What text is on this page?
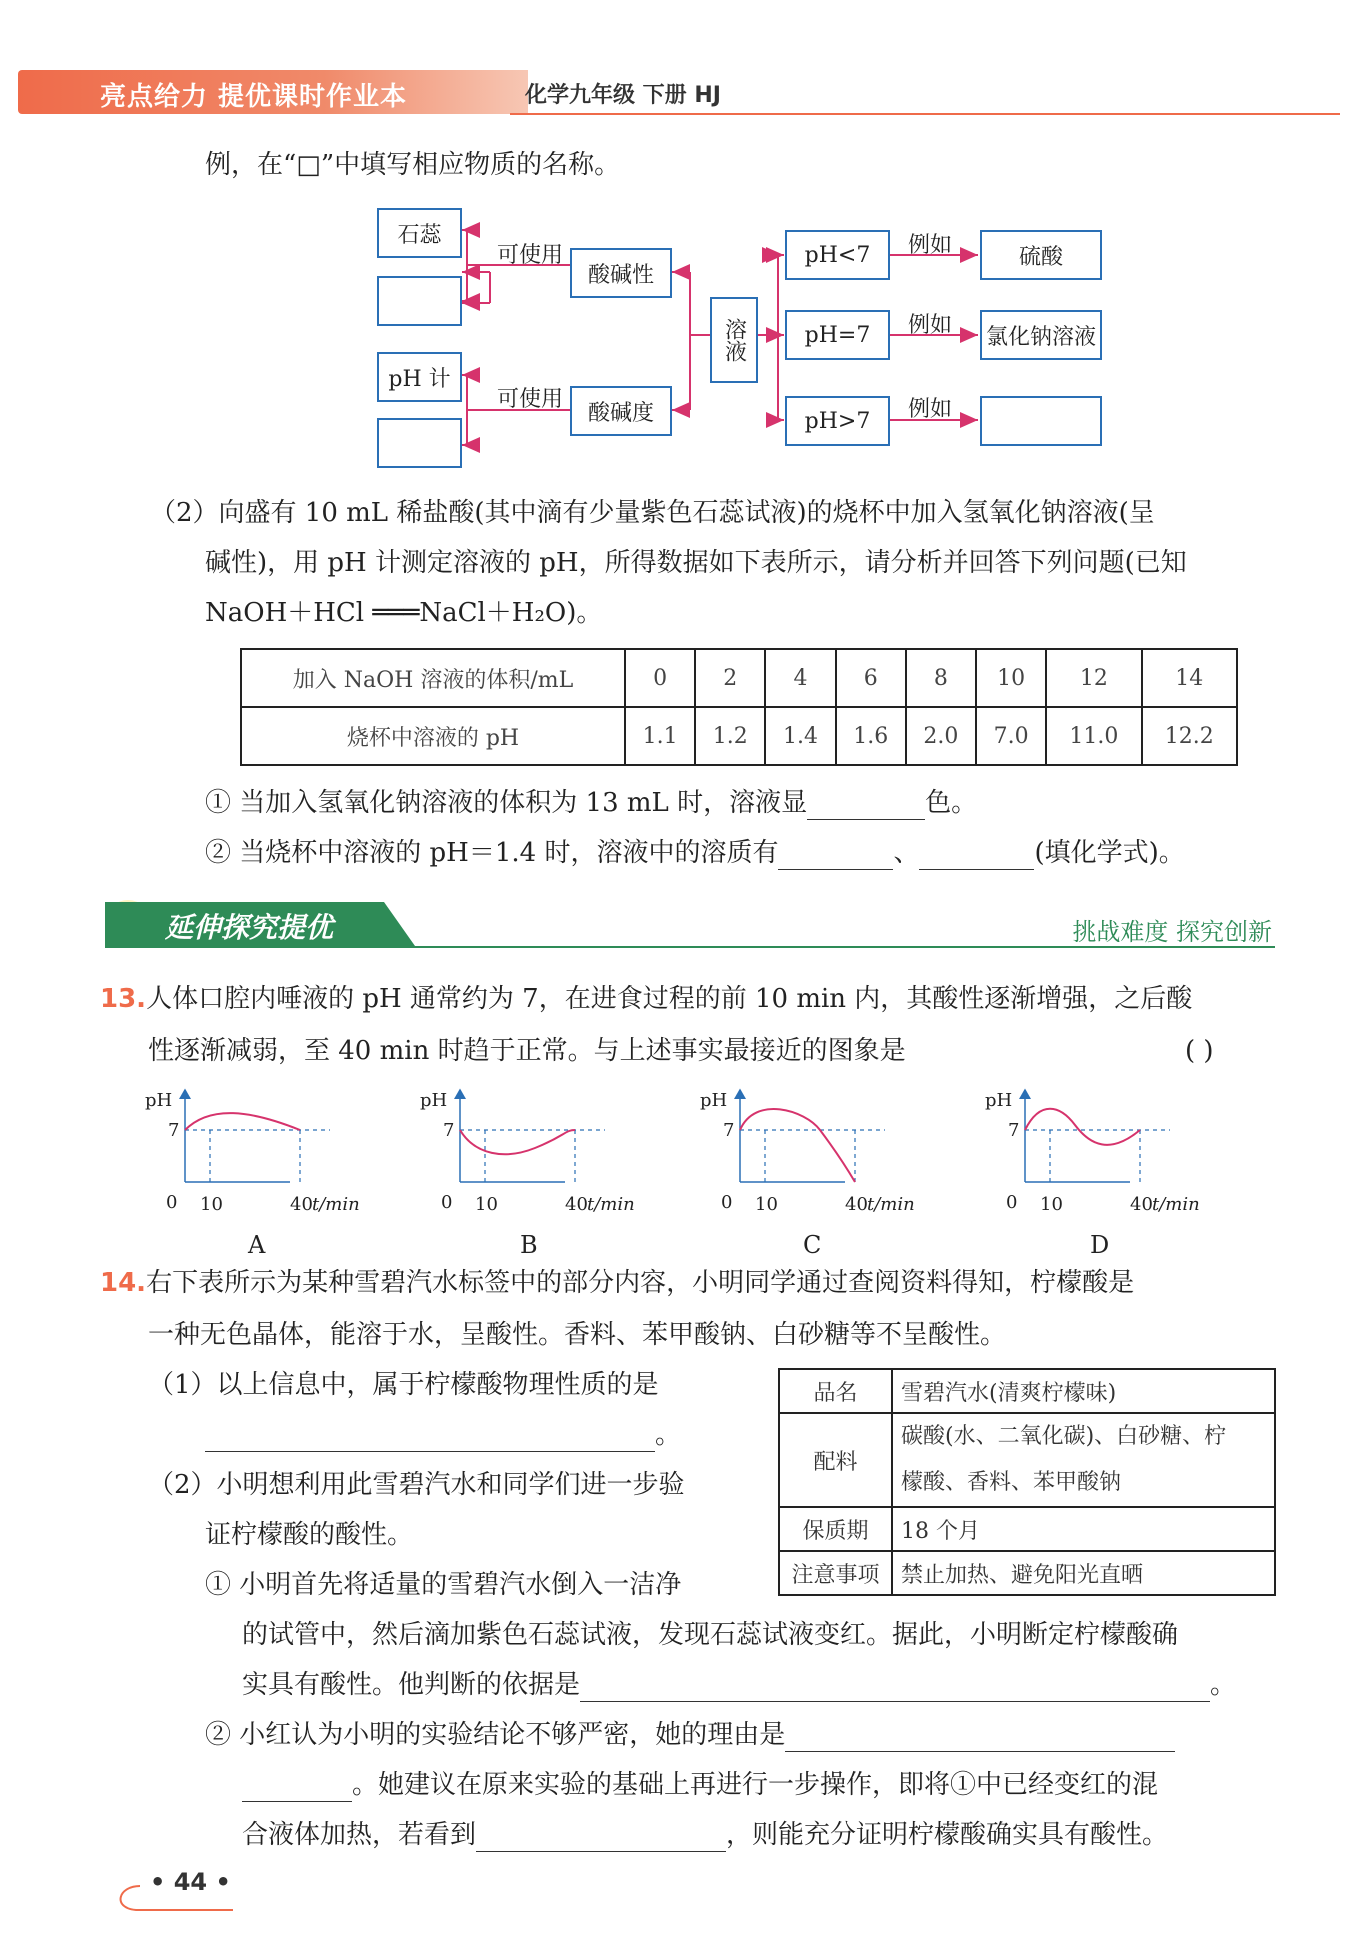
亮点给力 提优课时作业本	化学九年级 下册 HJ
例，在“□”中填写相应物质的名称。
石蕊
pH 计
可使用
可使用
酸碱性
酸碱度
溶液
pH<7
pH=7
pH>7
例如
例如
例如
硫酸
氯化钠溶液
（2）向盛有 10 mL 稀盐酸(其中滴有少量紫色石蕊试液)的烧杯中加入氢氧化钠溶液(呈
碱性)，用 pH 计测定溶液的 pH，所得数据如下表所示，请分析并回答下列问题(已知
NaOH＋HCl ═══NaCl＋H₂O)。
加入 NaOH 溶液的体积/mL	0	2	4	6	8	10	12	14
烧杯中溶液的 pH	1.1	1.2	1.4	1.6	2.0	7.0	11.0	12.2
① 当加入氢氧化钠溶液的体积为 13 mL 时，溶液显	色。
② 当烧杯中溶液的 pH＝1.4 时，溶液中的溶质有	、	(填化学式)。
延伸探究提优	挑战难度 探究创新
13.人体口腔内唾液的 pH 通常约为 7，在进食过程的前 10 min 内，其酸性逐渐增强，之后酸
性逐渐减弱，至 40 min 时趋于正常。与上述事实最接近的图象是	( )
pH
7
0 10	40 t/min
pH
7
0 10	40 t/min
pH
7
0 10	40 t/min
pH
7
0 10	40 t/min
A	B	C	D
14.右下表所示为某种雪碧汽水标签中的部分内容，小明同学通过查阅资料得知，柠檬酸是
一种无色晶体，能溶于水，呈酸性。香料、苯甲酸钠、白砂糖等不呈酸性。
（1）以上信息中，属于柠檬酸物理性质的是
。
（2）小明想利用此雪碧汽水和同学们进一步验
证柠檬酸的酸性。
① 小明首先将适量的雪碧汽水倒入一洁净
品名	雪碧汽水(清爽柠檬味)
配料	碳酸(水、二氧化碳)、白砂糖、柠
檬酸、香料、苯甲酸钠
保质期	18 个月
注意事项	禁止加热、避免阳光直晒
的试管中，然后滴加紫色石蕊试液，发现石蕊试液变红。据此，小明断定柠檬酸确
实具有酸性。他判断的依据是	。
② 小红认为小明的实验结论不够严密，她的理由是
。她建议在原来实验的基础上再进行一步操作，即将①中已经变红的混
合液体加热，若看到	，则能充分证明柠檬酸确实具有酸性。
• 44 •
